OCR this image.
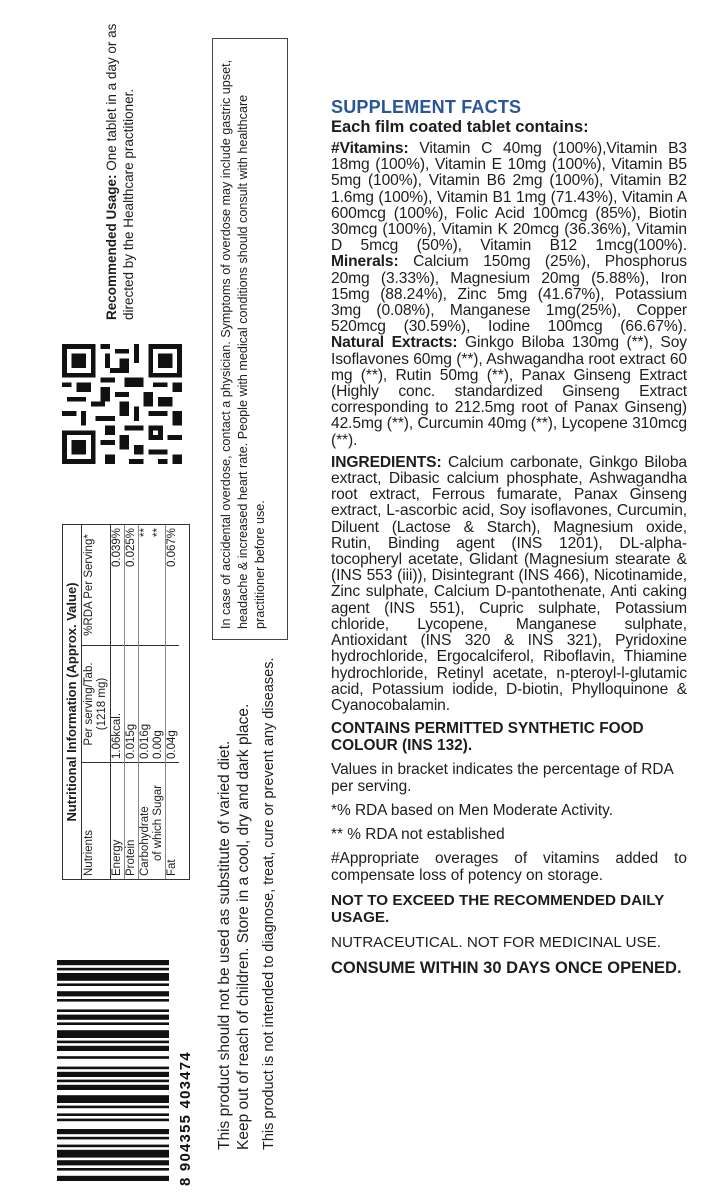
SUPPLEMENT FACTS

Each film coated tablet contains:

#Vitamins: Vitamin C 40mg (100%),Vitamin B3 18mg (100%), Vitamin E 10mg (100%), Vitamin B5 5mg (100%), Vitamin B6 2mg (100%), Vitamin B2 1.6mg (100%), Vitamin B1 1mg (71.43%), Vitamin A 600mcg (100%), Folic Acid 100mcg (85%), Biotin 30mcg (100%), Vitamin K 20mcg (36.36%), Vitamin D 5mcg (50%), Vitamin B12 1mcg(100%). Minerals: Calcium 150mg (25%), Phosphorus 20mg (3.33%), Magnesium 20mg (5.88%), Iron 15mg (88.24%), Zinc 5mg (41.67%), Potassium 3mg (0.08%), Manganese 1mg(25%), Copper 520mcg (30.59%), Iodine 100mcg (66.67%). Natural Extracts: Ginkgo Biloba 130mg (**), Soy Isoflavones 60mg (**), Ashwagandha root extract 60 mg (**), Rutin 50mg (**), Panax Ginseng Extract (Highly conc. standardized Ginseng Extract corresponding to 212.5mg root of Panax Ginseng) 42.5mg (**), Curcumin 40mg (**), Lycopene 310mcg (**).

INGREDIENTS: Calcium carbonate, Ginkgo Biloba extract, Dibasic calcium phosphate, Ashwagandha root extract, Ferrous fumarate, Panax Ginseng extract, L-ascorbic acid, Soy isoflavones, Curcumin, Diluent (Lactose & Starch), Magnesium oxide, Rutin, Binding agent (INS 1201), DL-alpha- tocopheryl acetate, Glidant (Magnesium stearate & (INS 553 (iii)), Disintegrant (INS 466), Nicotinamide, Zinc sulphate, Calcium D-pantothenate, Anti caking agent (INS 551), Cupric sulphate, Potassium chloride, Lycopene, Manganese sulphate, Antioxidant (INS 320 & INS 321), Pyridoxine hydrochloride, Ergocalciferol, Riboflavin, Thiamine hydrochloride, Retinyl acetate, n-pteroyl-l-glutamic acid, Potassium iodide, D-biotin, Phylloquinone & Cyanocobalamin.

CONTAINS PERMITTED SYNTHETIC FOOD COLOUR (INS 132).

Values in bracket indicates the percentage of RDA per serving.

*% RDA based on Men Moderate Activity.

** % RDA not established

#Appropriate overages of vitamins added to compensate loss of potency on storage.

NOT TO EXCEED THE RECOMMENDED DAILY USAGE.

NUTRACEUTICAL. NOT FOR MEDICINAL USE.

CONSUME WITHIN 30 DAYS ONCE OPENED.

Recommended Usage: One tablet in a day or as directed by the Healthcare practitioner.	In case of accidental overdose, contact a physician. Symptoms of overdose may include gastric upset, headache & increased heart rate. People with medical conditions should consult with healthcare practitioner before use.
This product should not be used as substitute of varied diet. Keep out of reach of children. Store in a cool, dry and dark place. This product is not intended to diagnose, treat, cure or prevent any diseases.
Nutritional Information (Approx. Value)
Nutrients	Per serving/Tab. (1218 mg)	%RDA Per Serving*
Energy	1.06kcal.	0.039%
Protein	0.015g	0.025%
Carbohydrate	0.016g	**
of which Sugar	0.00g	**
Fat	0.04g	0.067%
8 904355 403474
